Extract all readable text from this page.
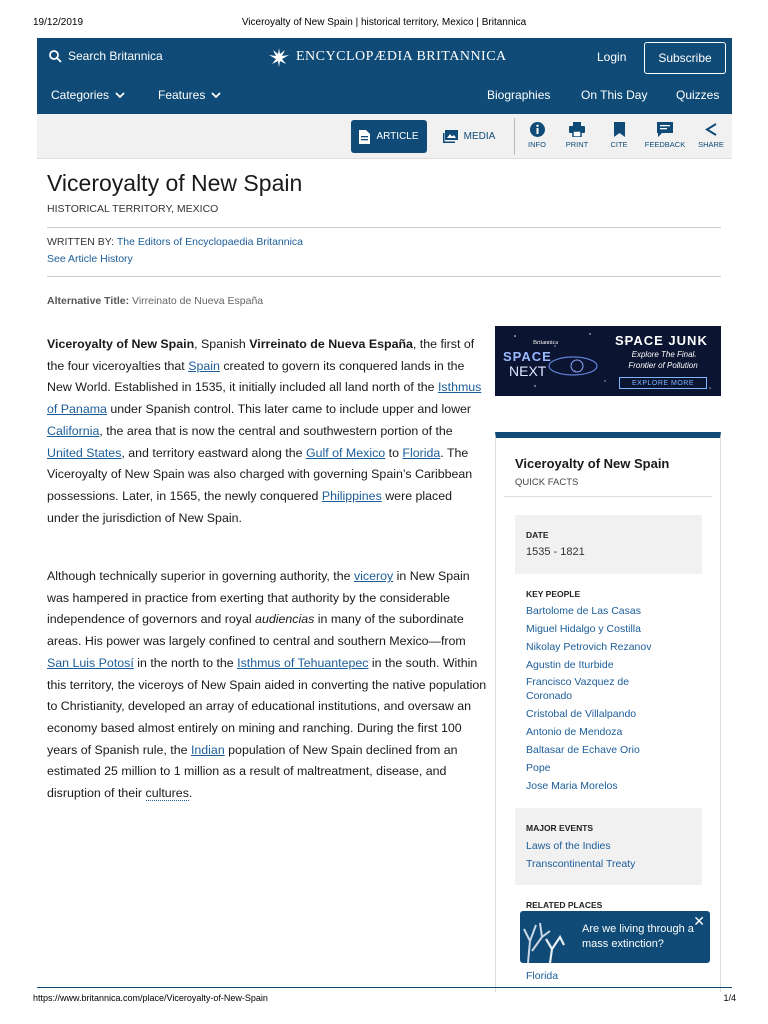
19/12/2019	Viceroyalty of New Spain | historical territory, Mexico | Britannica
Search Britannica	ENCYCLOPÆDIA BRITANNICA	Login	Subscribe
Categories	Features	Biographies	On This Day Quizzes
ARTICLE	MEDIA
INFO	PRINT	CITE	FEEDBACK	SHARE
Viceroyalty of New Spain
HISTORICAL TERRITORY, MEXICO
WRITTEN BY: The Editors of Encyclopaedia Britannica
See Article History
Alternative Title: Virreinato de Nueva España

Viceroyalty of New Spain, Spanish Virreinato de Nueva España, the first of the four viceroyalties that Spain created to govern its conquered lands in the New World. Established in 1535, it initially included all land north of the Isthmus of Panama under Spanish control. This later came to include upper and lower California, the area that is now the central and southwestern portion of the United States, and territory eastward along the Gulf of Mexico to Florida. The Viceroyalty of New Spain was also charged with governing Spain’s Caribbean possessions. Later, in 1565, the newly conquered Philippines were placed under the jurisdiction of New Spain.

Although technically superior in governing authority, the viceroy in New Spain was hampered in practice from exerting that authority by the considerable independence of governors and royal audiencias in many of the subordinate areas. His power was largely confined to central and southern Mexico—from San Luis Potosí in the north to the Isthmus of Tehuantepec in the south. Within this territory, the viceroys of New Spain aided in converting the native population to Christianity, developed an array of educational institutions, and oversaw an economy based almost entirely on mining and ranching. During the first 100 years of Spanish rule, the Indian population of New Spain declined from an estimated 25 million to 1 million as a result of maltreatment, disease, and disruption of their cultures.

Britannica
SPACE
NEXT
SPACE JUNK
Explore The Final
Frontier of Pollution
EXPLORE MORE
Viceroyalty of New Spain
QUICK FACTS
DATE
1535 - 1821
KEY PEOPLE
Bartolome de Las Casas
Miguel Hidalgo y Costilla
Nikolay Petrovich Rezanov
Agustin de Iturbide
Francisco Vazquez de Coronado
Cristobal de Villalpando
Antonio de Mendoza
Baltasar de Echave Orio
Pope
Jose Maria Morelos
MAJOR EVENTS
Laws of the Indies
Transcontinental Treaty
RELATED PLACES
Florida
Are we living through a mass extinction?
✕
https://www.britannica.com/place/Viceroyalty-of-New-Spain	1/4
